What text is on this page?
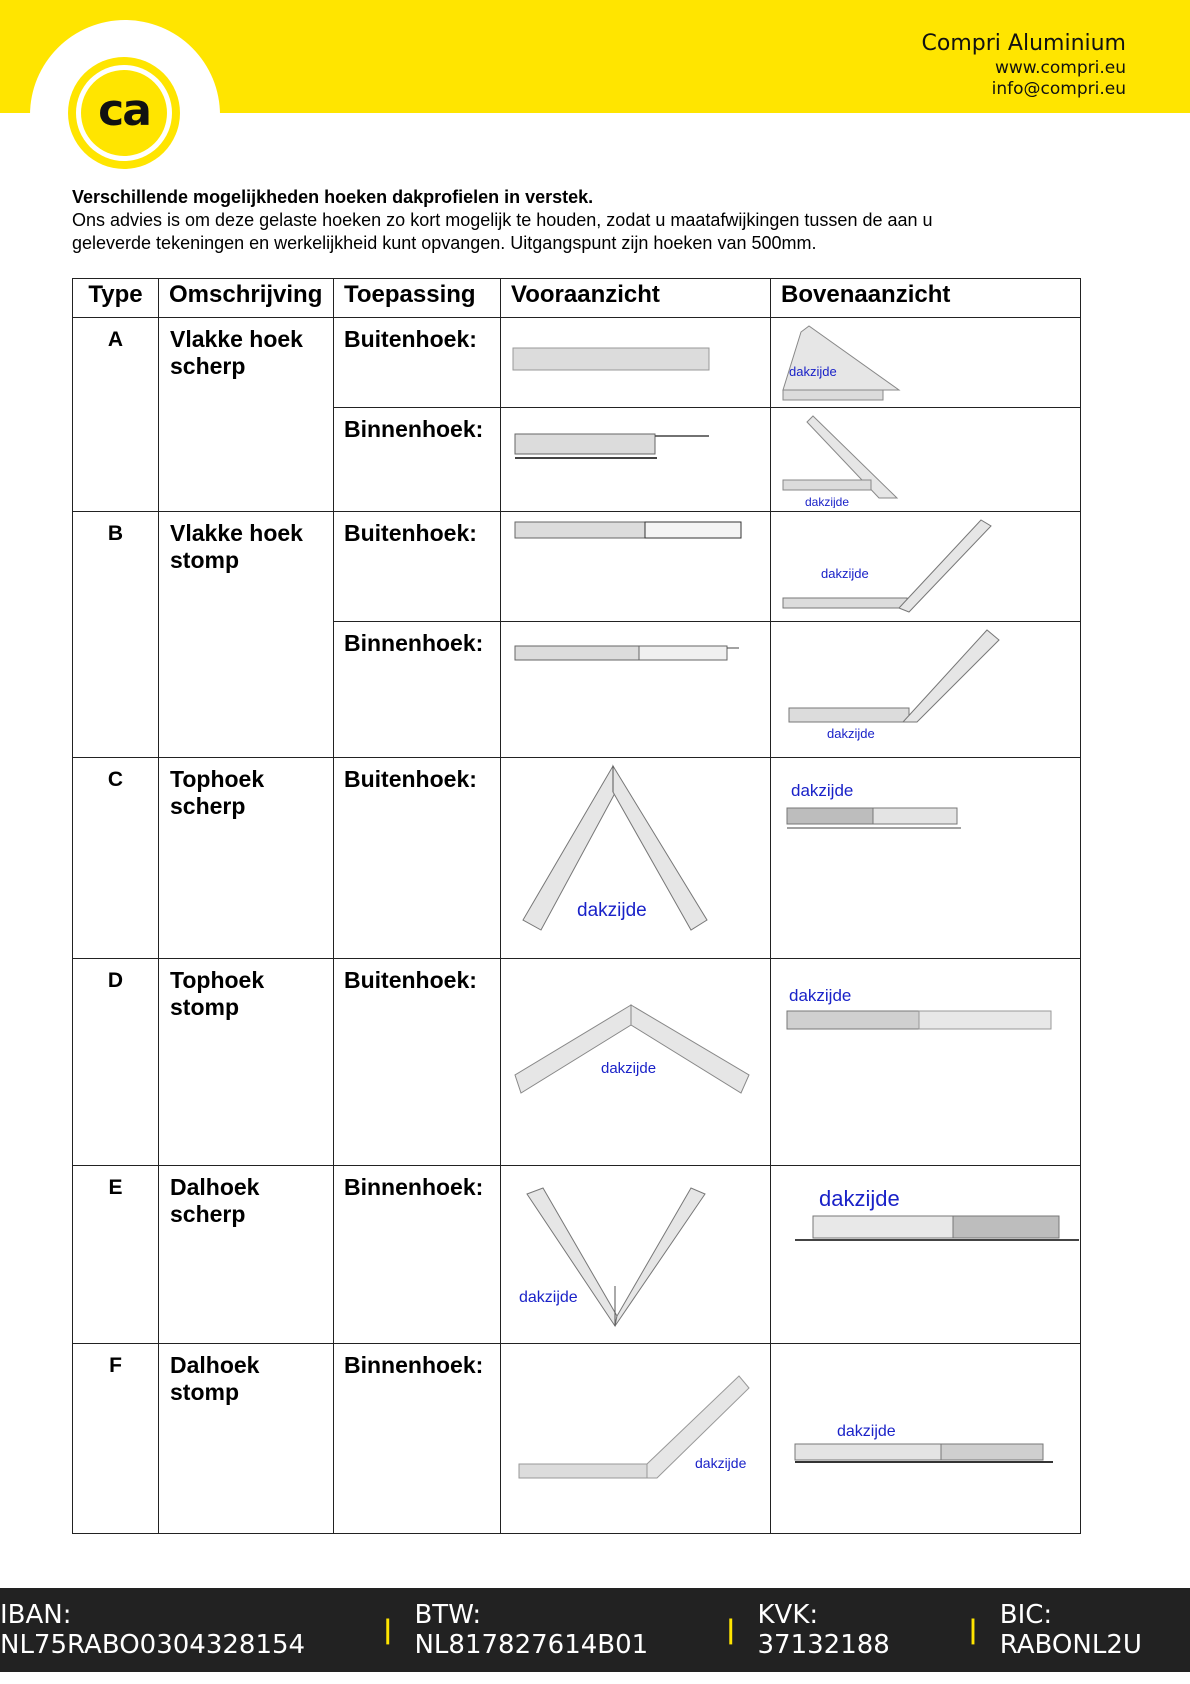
ca
Compri Aluminium
www.compri.eu
info@compri.eu
Verschillende mogelijkheden hoeken dakprofielen in verstek.
Ons advies is om deze gelaste hoeken zo kort mogelijk te houden, zodat u maatafwijkingen tussen de aan u
geleverde tekeningen en werkelijkheid kunt opvangen. Uitgangspunt zijn hoeken van 500mm.
Type	Omschrijving	Toepassing	Vooraanzicht	Bovenaanzicht
A	Vlakke hoek
scherp	Buitenhoek:		dakzijde

		Binnenhoek:		dakzijde

B	Vlakke hoek
stomp	Buitenhoek:		dakzijde

		Binnenhoek:		dakzijde

C	Tophoek
scherp	Buitenhoek:	dakzijde	dakzijde

D	Tophoek
stomp	Buitenhoek:	dakzijde	dakzijde

E	Dalhoek
scherp	Binnenhoek:	dakzijde	dakzijde

F	Dalhoek
stomp	Binnenhoek:	dakzijde	dakzijde
IBAN: NL75RABO0304328154	| BTW: NL817827614B01	| KVK: 37132188	| BIC: RABONL2U
